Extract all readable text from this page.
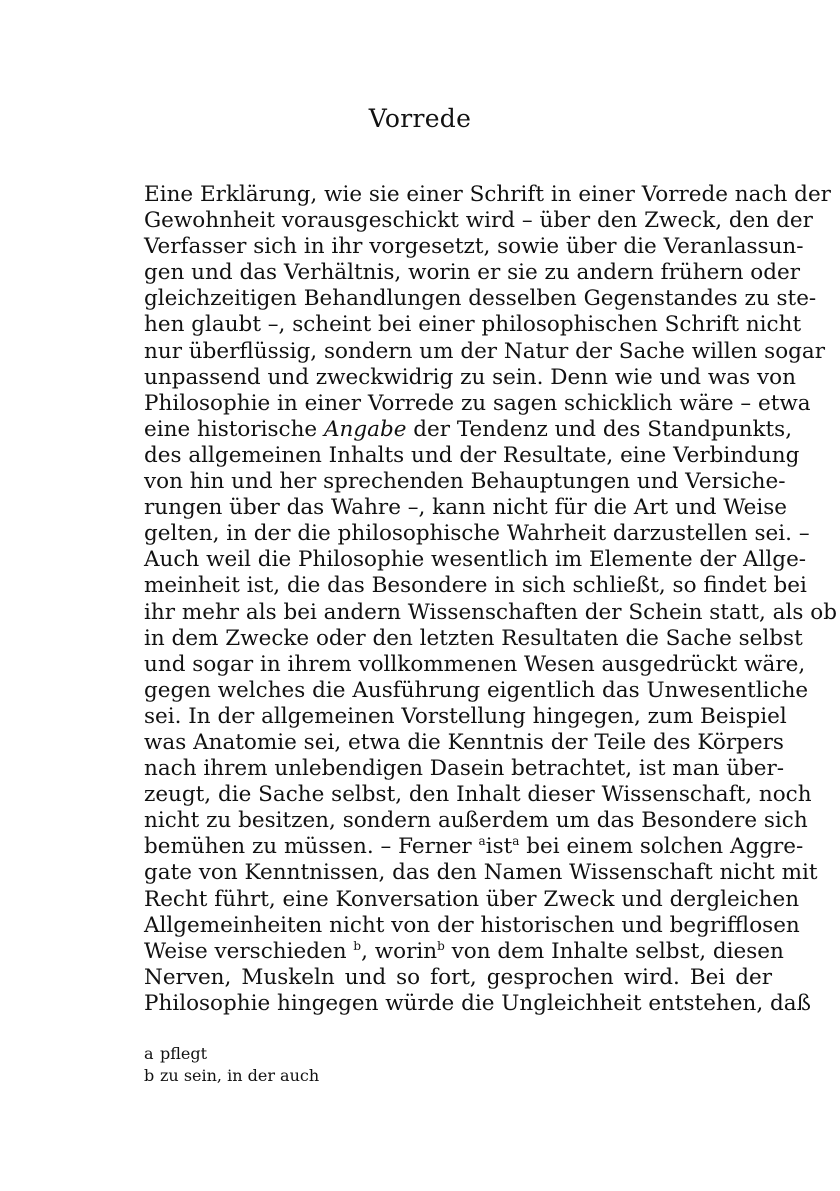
Vorrede
Eine Erklärung, wie sie einer Schrift in einer Vorrede nach der
Gewohnheit vorausgeschickt wird – über den Zweck, den der
Verfasser sich in ihr vorgesetzt, sowie über die Veranlassun-
gen und das Verhältnis, worin er sie zu andern frühern oder
gleichzeitigen Behandlungen desselben Gegenstandes zu ste-
hen glaubt –, scheint bei einer philosophischen Schrift nicht
nur überflüssig, sondern um der Natur der Sache willen sogar
unpassend und zweckwidrig zu sein. Denn wie und was von
Philosophie in einer Vorrede zu sagen schicklich wäre – etwa
eine historische Angabe der Tendenz und des Standpunkts,
des allgemeinen Inhalts und der Resultate, eine Verbindung
von hin und her sprechenden Behauptungen und Versiche-
rungen über das Wahre –, kann nicht für die Art und Weise
gelten, in der die philosophische Wahrheit darzustellen sei. –
Auch weil die Philosophie wesentlich im Elemente der Allge-
meinheit ist, die das Besondere in sich schließt, so findet bei
ihr mehr als bei andern Wissenschaften der Schein statt, als ob
in dem Zwecke oder den letzten Resultaten die Sache selbst
und sogar in ihrem vollkommenen Wesen ausgedrückt wäre,
gegen welches die Ausführung eigentlich das Unwesentliche
sei. In der allgemeinen Vorstellung hingegen, zum Beispiel
was Anatomie sei, etwa die Kenntnis der Teile des Körpers
nach ihrem unlebendigen Dasein betrachtet, ist man über-
zeugt, die Sache selbst, den Inhalt dieser Wissenschaft, noch
nicht zu besitzen, sondern außerdem um das Besondere sich
bemühen zu müssen. – Ferner $^a$ist$^a$ bei einem solchen Aggre-
gate von Kenntnissen, das den Namen Wissenschaft nicht mit
Recht führt, eine Konversation über Zweck und dergleichen
Allgemeinheiten nicht von der historischen und begrifflosen
Weise verschieden $^b$, worin$^b$ von dem Inhalte selbst, diesen
Nerven, Muskeln und so fort, gesprochen wird. Bei der
Philosophie hingegen würde die Ungleichheit entstehen, daß
a pflegt
b zu sein, in der auch
